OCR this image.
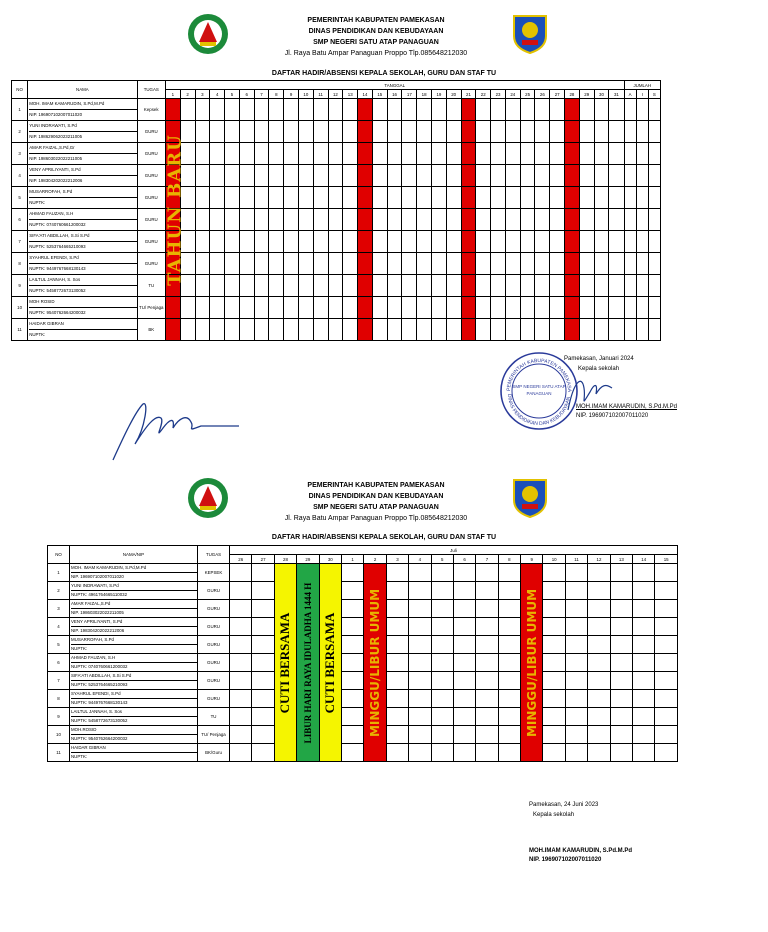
PEMERINTAH KABUPATEN PAMEKASAN
DINAS PENDIDIKAN DAN KEBUDAYAAN
SMP NEGERI SATU ATAP PANAGUAN
Jl. Raya Batu Ampar Panaguan Proppo Tlp.085648212030
DAFTAR HADIR/ABSENSI KEPALA SEKOLAH, GURU DAN STAF TU
NO	NAMA	TUGAS	TANGGAL																															JUMLAH		
			1	2	3	4	5	6	7	8	9	10	11	12	13	14	15	16	17	18	19	20	21	22	23	24	25	26	27	28	29	30	31	A	I	S
1	MOH. IMAM KAMARUDIN, S.Pd,M.Pd
NIP. 196907102007011020	Kepsek																																		
2	YUNI INDRAWATI, S.Pd
NIP. 198629062023211005	GURU																																		
3	AMAR FAIZAL,S.Pd,Gr
NIP. 198603022022211005	GURU																																		
4	VENY APRILIYANTI, S.Pd
NIP. 198304202022212006	GURU																																		
5	MUSARROFAH, S.Pd
NUPTK:	GURU																																		
6	AHMAD FAUZAN, S.H
NUPTK: 0740760661200032	GURU																																		
7	SIFA'ATI ABDILLAH, S.Si S.Pd
NUPTK: 5253764665210093	GURU																																		
8	SYAHRUL EFENDI, S.Pd
NUPTK: 9449767668130143	GURU																																		
9	LAILTUL JANNAH, S. Sos
NUPTK: 5458772673130052	TU																																		
10	MOH ROSID
NUPTK: 9540762664200032	TU/ Penjaga																																		
11	HAIDAR GIBRAN
NUPTK:	BK																																		
TAHUN BARU
Pamekasan, Januari 2024
Kepala sekolah
PEMERINTAH KABUPATEN PAMEKASA
DINAS PENDIDIKAN DAN KEBUDAYAAN
SMP NEGERI SATU ATAP
PANAGUAN
MOH.IMAM KAMARUDIN, S.Pd.M.Pd
NIP. 196907102007011020
PEMERINTAH KABUPATEN PAMEKASAN
DINAS PENDIDIKAN DAN KEBUDAYAAN
SMP NEGERI SATU ATAP PANAGUAN
Jl. Raya Batu Ampar Panaguan Proppo Tlp.085648212030
DAFTAR HADIR/ABSENSI KEPALA SEKOLAH, GURU DAN STAF TU
NO	NAMA/NIP	TUGAS	Juli																			
			26	27	28	29	30	1	2	3	4	5	6	7	8	9	10	11	12	13	14	15
1	MOH. IMAM KAMARUDIN, S.Pd,M.Pd
NIP. 196907102007011020	KEPSEK			CUTI BERSAMA	LIBUR HARI RAYA IDULADHA 1444 H	CUTI BERSAMA		MINGGU/LIBUR UMUM							MINGGU/LIBUR UMUM						

2	YUNI INDRAWATI, S.Pd
NUPTK: 4961764665110032	GURU																				
3	AMAR FAIZAL,S.Pd
NIP. 198603022022211005	GURU																				
4	VENY APRILIYANTI, S.Pd
NIP. 198304202022212006	GURU																				
5	MUSARROFAH, S.Pd
NUPTK:	GURU																				
6	AHMAD FAUZAN, S.H
NUPTK: 0740760661200032	GURU																				
7	SIFA'ATI ABDILLAH, S.Si S.Pd
NUPTK: 5253764665210093	GURU																				
8	SYAHRUL EFENDI, S.Pd
NUPTK: 9449767668130143	GURU																				
9	LAILTUL JANNAH, S. Sos
NUPTK: 5458772673130052	TU																				
10	MOH.ROSID
NUPTK: 9540762664200032	TU/ Penjaga																				
11	HAIDAR GIBRAN
NUPTK:	BK/Guru																				
Pamekasan, 24 Juni 2023
Kepala sekolah
MOH.IMAM KAMARUDIN, S.Pd.M.Pd
NIP. 196907102007011020
